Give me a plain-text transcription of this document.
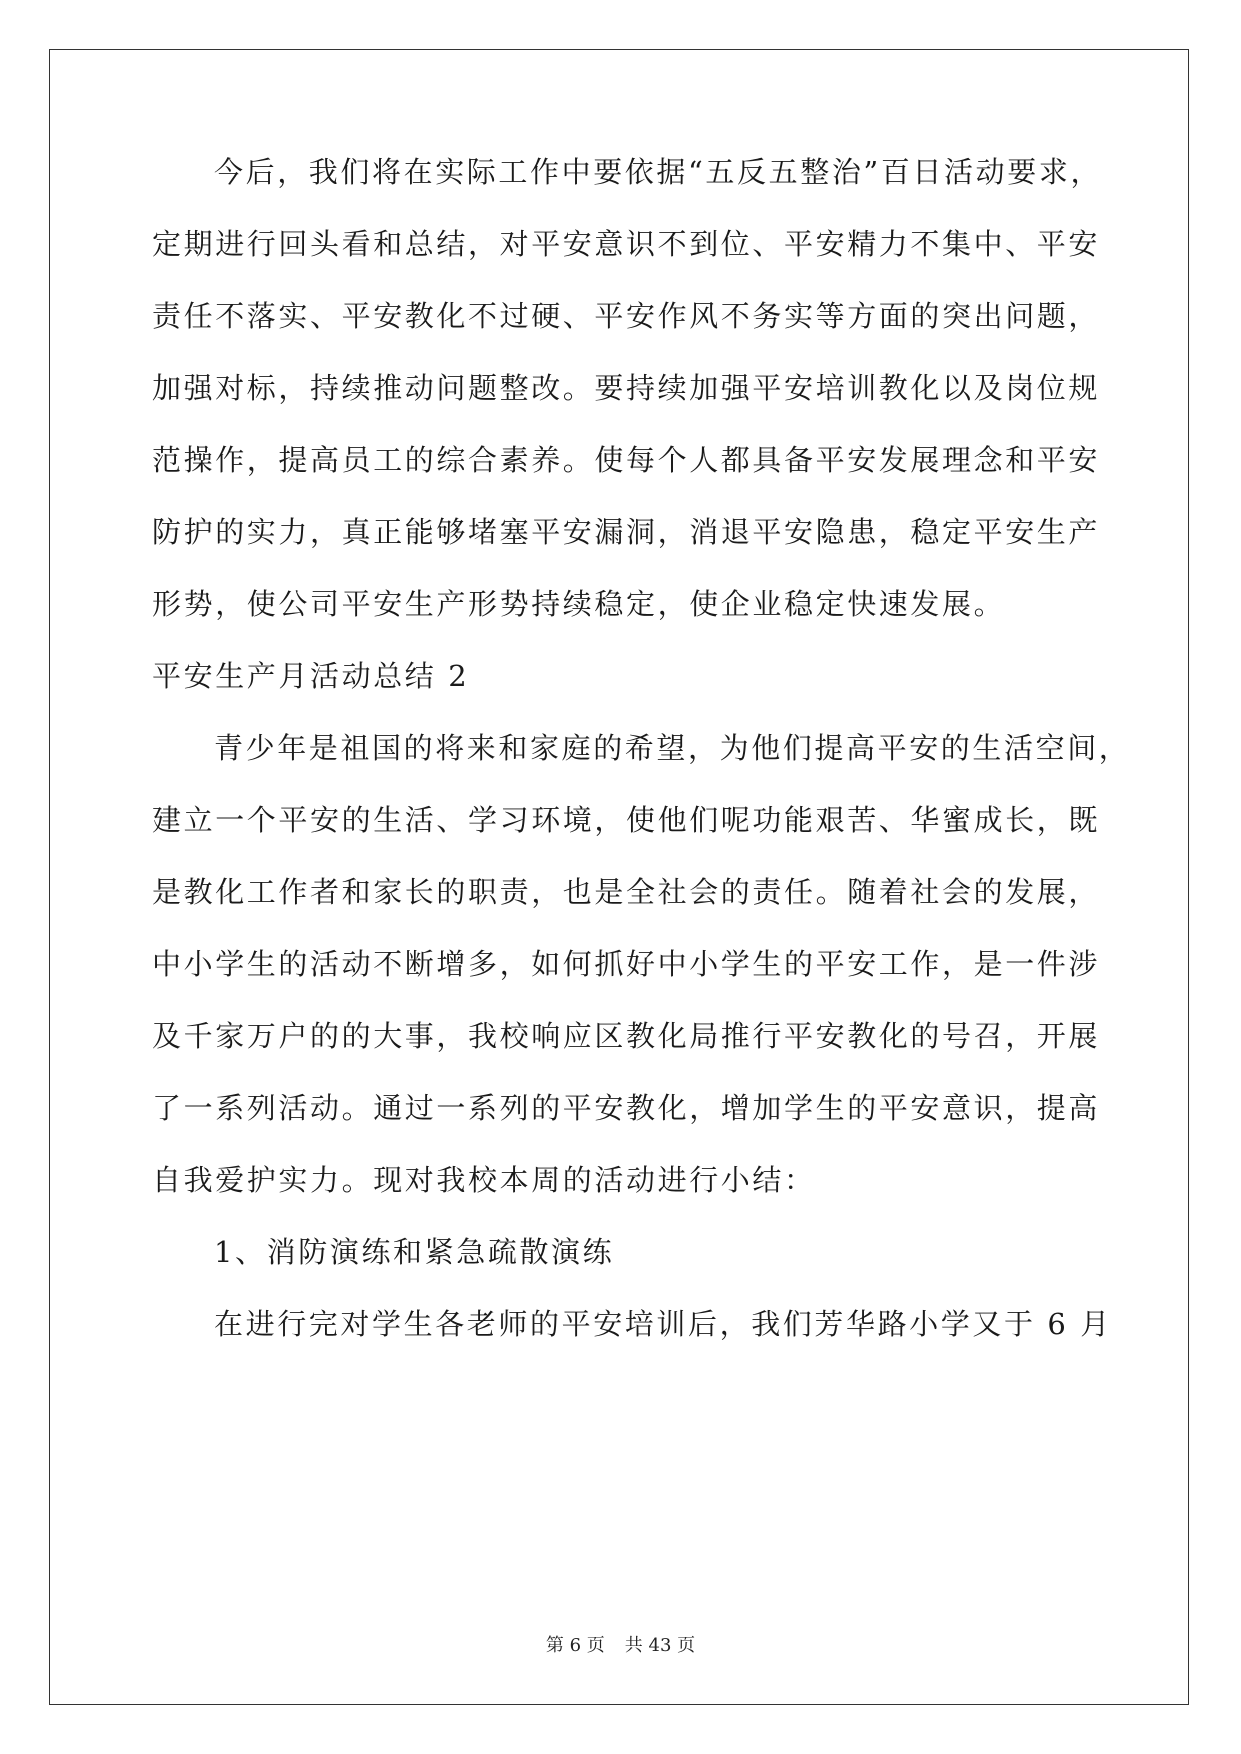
今后，我们将在实际工作中要依据“五反五整治”百日活动要求，
定期进行回头看和总结，对平安意识不到位、平安精力不集中、平安
责任不落实、平安教化不过硬、平安作风不务实等方面的突出问题，
加强对标，持续推动问题整改。要持续加强平安培训教化以及岗位规
范操作，提高员工的综合素养。使每个人都具备平安发展理念和平安
防护的实力，真正能够堵塞平安漏洞，消退平安隐患，稳定平安生产
形势，使公司平安生产形势持续稳定，使企业稳定快速发展。
平安生产月活动总结 2
青少年是祖国的将来和家庭的希望，为他们提高平安的生活空间，
建立一个平安的生活、学习环境，使他们呢功能艰苦、华蜜成长，既
是教化工作者和家长的职责，也是全社会的责任。随着社会的发展，
中小学生的活动不断增多，如何抓好中小学生的平安工作，是一件涉
及千家万户的的大事，我校响应区教化局推行平安教化的号召，开展
了一系列活动。通过一系列的平安教化，增加学生的平安意识，提高
自我爱护实力。现对我校本周的活动进行小结：
1、消防演练和紧急疏散演练
在进行完对学生各老师的平安培训后，我们芳华路小学又于 6 月
第 6 页 共 43 页
